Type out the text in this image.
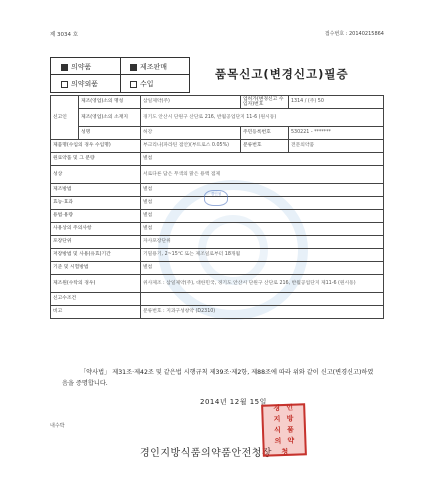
제 3034 호	접수번호 : 20140215864
의약품
의약외품
제조판매
수입
품목신고(변경신고)필증
신고인	제조(영업)소의 명칭	삼일제약(주)	업허가(변경신고 수입자)번호	1314 / (주) 50
	제조(영업)소의 소재지	경기도 안산시 단원구 산단로 216, 반월공업단지 11-6 (원시동)		
	성명	허강	주민등록번호	530221 - *******
제품명(수입의 경우 수입명)		부크리나(파라틴 점안)(부트로스 0.05%)	분류번호	전문의약품
원료약품 및 그 분량		별첨		
성상		서로다른 담은 무색의 맑은 용액 점제		
제조방법		별첨		
효능·효과		별첨		
용법·용량		별첨		
사용상의 주의사항		별첨		
포장단위		자사포장단위		
저장방법 및 사용(유효)기간		기밀용기, 2~15℃ 또는 제조일로부터 18개월		
기준 및 시험방법		별첨		
제조원(수탁의 경우)		위사제조 : 삼일제약(주), 대한민국, 경기도 안산시 단원구 산단로 216, 반월공업단지 제11-6 (원시동)		
신고수조건				
비고		분류번호 : 지과구성창약 (D2310)		
경인청
「약사법」 제31조·제42조 및 같은법 시행규칙 제39조·제2항, 제88조에 따라 위와 같이 신고(변경신고)하였음을 증명합니다.
2014년 12월 15일
내수박
경인지방식품의약품안전청장
경 인
지 방
식 품
의 약
청
